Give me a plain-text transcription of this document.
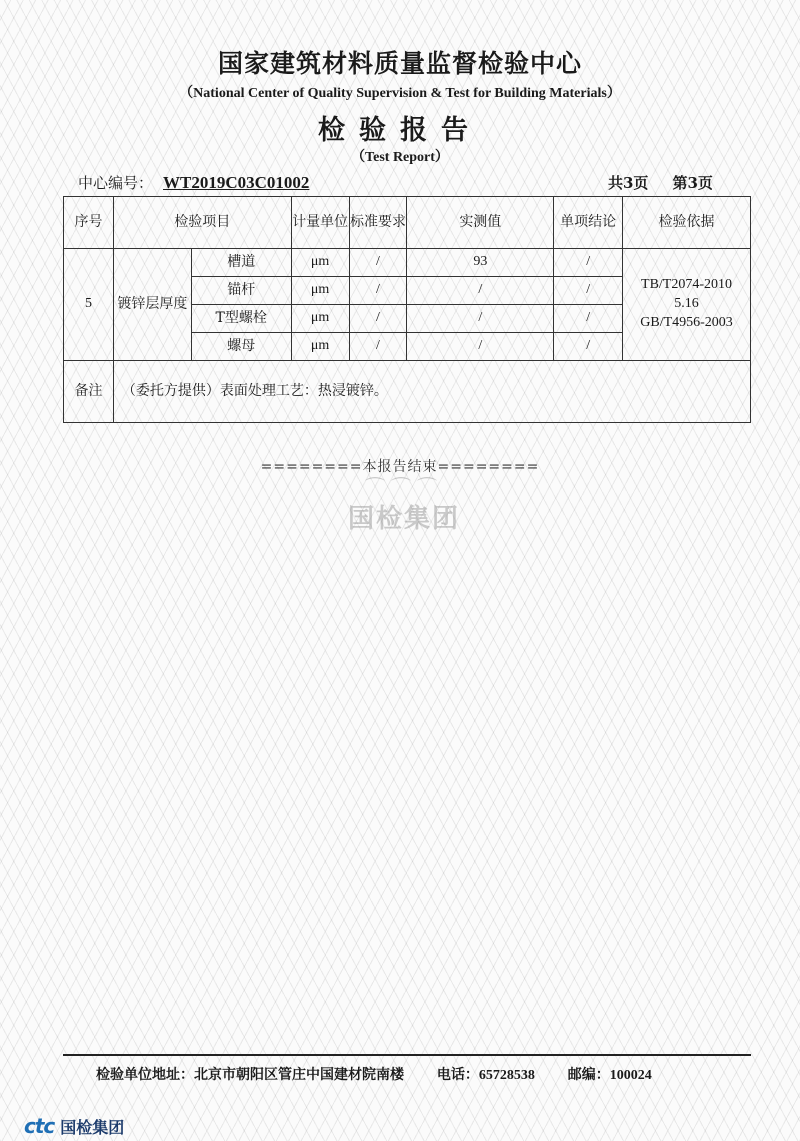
国家建筑材料质量监督检验中心
（National Center of Quality Supervision & Test for Building Materials）
检验报告
（Test Report）
中心编号： WT2019C03C01002	共3页 第3页
序号	检验项目		计量单位	标准要求	实测值	单项结论	检验依据
5	镀锌层厚度	槽道	μm	/	93	/	TB/T2074-2010
5.16
GB/T4956-2003

		锚杆	μm	/	/	/	
		T型螺栓	μm	/	/	/	
		螺母	μm	/	/	/	
备注	（委托方提供）表面处理工艺：热浸镀锌。						
========本报告结束========
⌒⌒⌒
国检集团
检验单位地址：北京市朝阳区管庄中国建材院南楼 电话：65728538 邮编：100024
ctc 国检集团
